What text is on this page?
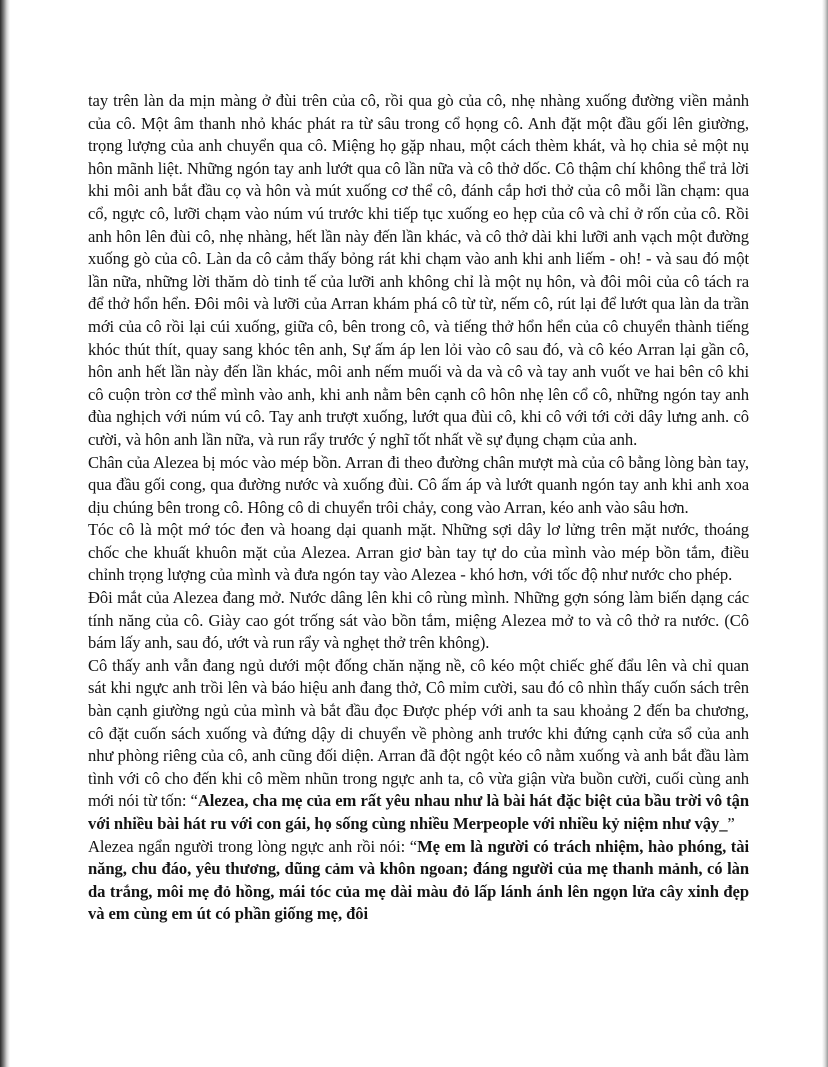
tay trên làn da mịn màng ở đùi trên của cô, rồi qua gò của cô, nhẹ nhàng xuống đường viền mảnh của cô. Một âm thanh nhỏ khác phát ra từ sâu trong cổ họng cô. Anh đặt một đầu gối lên giường, trọng lượng của anh chuyển qua cô. Miệng họ gặp nhau, một cách thèm khát, và họ chia sẻ một nụ hôn mãnh liệt. Những ngón tay anh lướt qua cô lần nữa và cô thở dốc. Cô thậm chí không thể trả lời khi môi anh bắt đầu cọ và hôn và mút xuống cơ thể cô, đánh cắp hơi thở của cô mỗi lần chạm: qua cổ, ngực cô, lưỡi chạm vào núm vú trước khi tiếp tục xuống eo hẹp của cô và chỉ ở rốn của cô. Rồi anh hôn lên đùi cô, nhẹ nhàng, hết lần này đến lần khác, và cô thở dài khi lưỡi anh vạch một đường xuống gò của cô. Làn da cô cảm thấy bỏng rát khi chạm vào anh khi anh liếm - oh! - và sau đó một lần nữa, những lời thăm dò tinh tế của lưỡi anh không chỉ là một nụ hôn, và đôi môi của cô tách ra để thở hổn hển. Đôi môi và lưỡi của Arran khám phá cô từ từ, nếm cô, rút lại để lướt qua làn da trần mới của cô rồi lại cúi xuống, giữa cô, bên trong cô, và tiếng thở hổn hển của cô chuyển thành tiếng khóc thút thít, quay sang khóc tên anh, Sự ấm áp len lỏi vào cô sau đó, và cô kéo Arran lại gần cô, hôn anh hết lần này đến lần khác, môi anh nếm muối và da và cô và tay anh vuốt ve hai bên cô khi cô cuộn tròn cơ thể mình vào anh, khi anh nằm bên cạnh cô hôn nhẹ lên cổ cô, những ngón tay anh đùa nghịch với núm vú cô. Tay anh trượt xuống, lướt qua đùi cô, khi cô với tới cởi dây lưng anh. cô cười, và hôn anh lần nữa, và run rẩy trước ý nghĩ tốt nhất về sự đụng chạm của anh.

Chân của Alezea bị móc vào mép bồn. Arran đi theo đường chân mượt mà của cô bằng lòng bàn tay, qua đầu gối cong, qua đường nước và xuống đùi. Cô ấm áp và lướt quanh ngón tay anh khi anh xoa dịu chúng bên trong cô. Hông cô di chuyển trôi chảy, cong vào Arran, kéo anh vào sâu hơn.

Tóc cô là một mớ tóc đen và hoang dại quanh mặt. Những sợi dây lơ lửng trên mặt nước, thoáng chốc che khuất khuôn mặt của Alezea. Arran giơ bàn tay tự do của mình vào mép bồn tắm, điều chỉnh trọng lượng của mình và đưa ngón tay vào Alezea - khó hơn, với tốc độ như nước cho phép.

Đôi mắt của Alezea đang mở. Nước dâng lên khi cô rùng mình. Những gợn sóng làm biến dạng các tính năng của cô. Giày cao gót trống sát vào bồn tắm, miệng Alezea mở to và cô thở ra nước. (Cô bám lấy anh, sau đó, ướt và run rẩy và nghẹt thở trên không).

Cô thấy anh vẫn đang ngủ dưới một đống chăn nặng nề, cô kéo một chiếc ghế đẩu lên và chỉ quan sát khi ngực anh trồi lên và báo hiệu anh đang thở, Cô mỉm cười, sau đó cô nhìn thấy cuốn sách trên bàn cạnh giường ngủ của mình và bắt đầu đọc Được phép với anh ta sau khoảng 2 đến ba chương, cô đặt cuốn sách xuống và đứng dậy di chuyển về phòng anh trước khi đứng cạnh cửa sổ của anh như phòng riêng của cô, anh cũng đối diện. Arran đã đột ngột kéo cô nằm xuống và anh bắt đầu làm tình với cô cho đến khi cô mềm nhũn trong ngực anh ta, cô vừa giận vừa buồn cười, cuối cùng anh mới nói từ tốn: “Alezea, cha mẹ của em rất yêu nhau như là bài hát đặc biệt của bầu trời vô tận với nhiều bài hát ru với con gái, họ sống cùng nhiều Merpeople với nhiều kỷ niệm như vậy_”

Alezea ngẩn người trong lòng ngực anh rồi nói: “Mẹ em là người có trách nhiệm, hào phóng, tài năng, chu đáo, yêu thương, dũng cảm và khôn ngoan; đáng người của mẹ thanh mảnh, có làn da trắng, môi mẹ đỏ hồng, mái tóc của mẹ dài màu đỏ lấp lánh ánh lên ngọn lửa cây xinh đẹp và em cùng em út có phần giống mẹ, đôi
